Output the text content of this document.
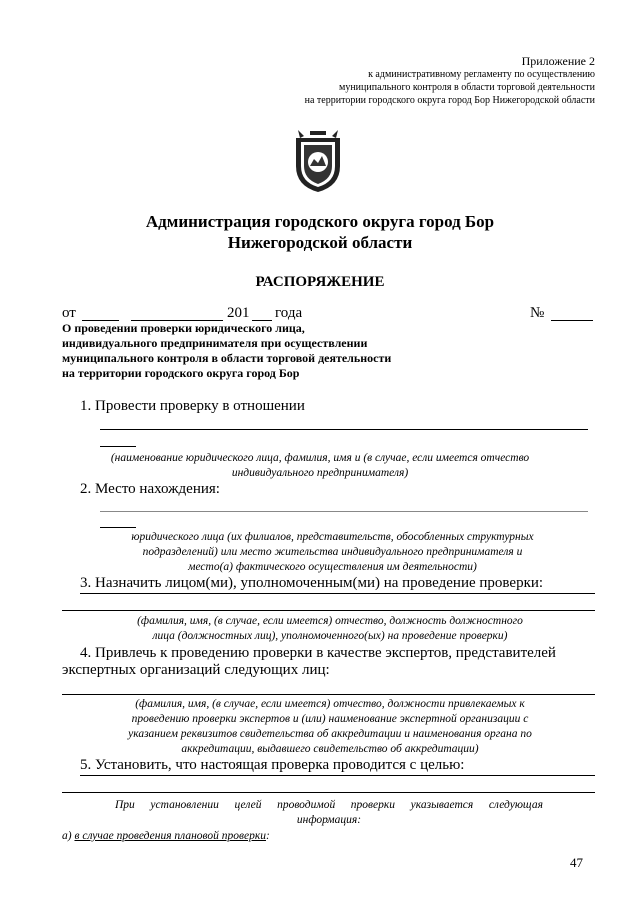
Приложение 2
к административному регламенту по осуществлению
муниципального контроля в области торговой деятельности
на территории городского округа город Бор Нижегородской области
Администрация городского округа город Бор
Нижегородской области
РАСПОРЯЖЕНИЕ
от	201 года	№
О проведении проверки юридического лица,
индивидуального предпринимателя при осуществлении
муниципального контроля в области торговой деятельности
на территории городского округа город Бор
1. Провести проверку в отношении
(наименование юридического лица, фамилия, имя и (в случае, если имеется отчество
индивидуального предпринимателя)
2. Место нахождения:
юридического лица (их филиалов, представительств, обособленных структурных
подразделений) или место жительства индивидуального предпринимателя и
место(а) фактического осуществления им деятельности)
3. Назначить лицом(ми), уполномоченным(ми) на проведение проверки:
(фамилия, имя, (в случае, если имеется) отчество, должность должностного
лица (должностных лиц), уполномоченного(ых) на проведение проверки)
4. Привлечь к проведению проверки в качестве экспертов, представителей
экспертных организаций следующих лиц:
(фамилия, имя, (в случае, если имеется) отчество, должности привлекаемых к
проведению проверки экспертов и (или) наименование экспертной организации с
указанием реквизитов свидетельства об аккредитации и наименования органа по
аккредитации, выдавшего свидетельство об аккредитации)
5. Установить, что настоящая проверка проводится с целью:
При установлении целей проводимой проверки указывается следующая
информация:
а) в случае проведения плановой проверки:
47
